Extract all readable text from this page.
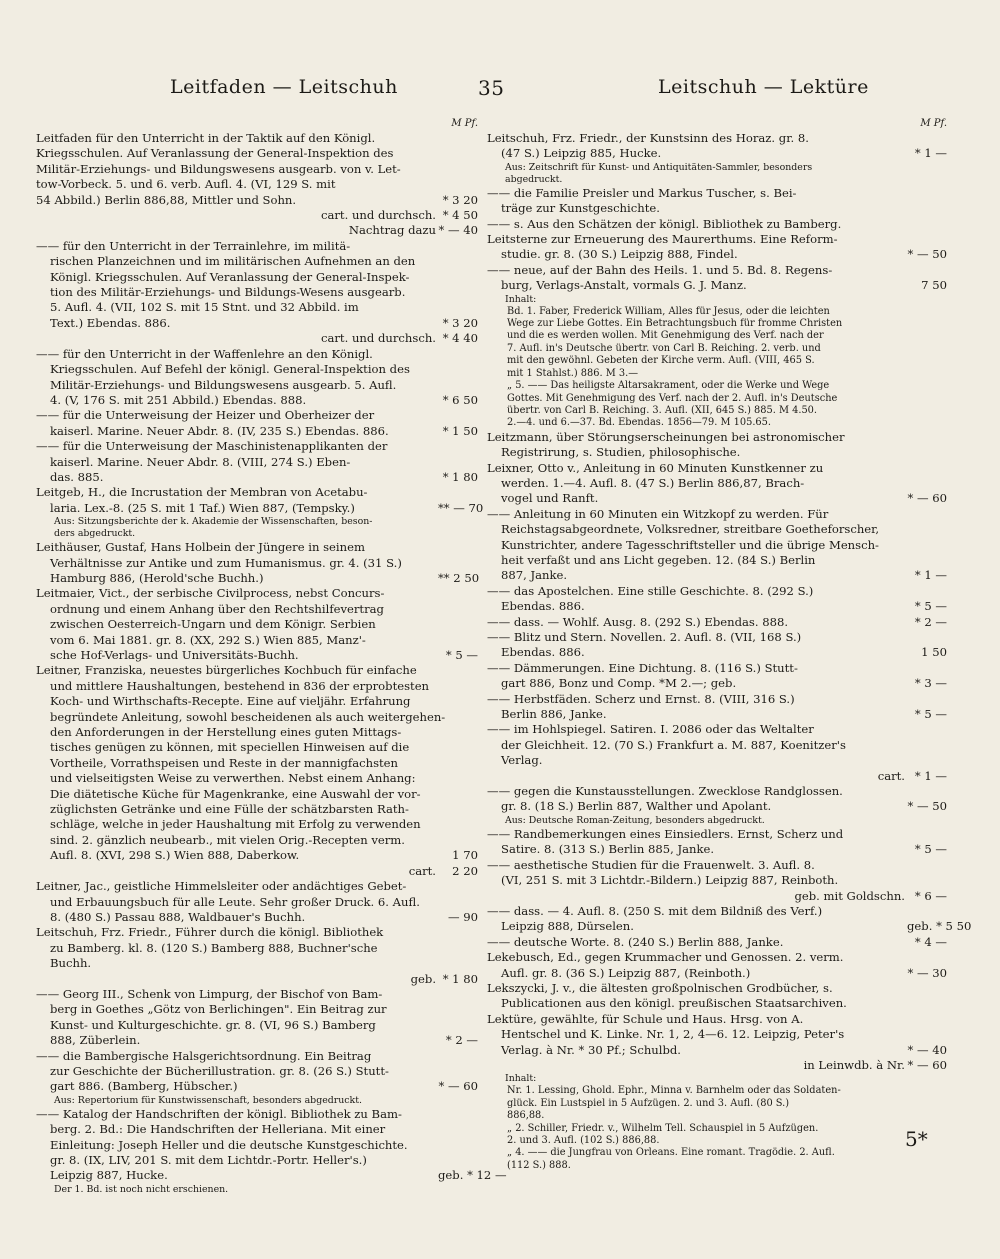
Leitfaden — Leitschuh	35	Leitschuh — Lektüre
M Pf.
Leitfaden für den Unterricht in der Taktik auf den Königl.
Kriegsschulen. Auf Veranlassung der General-Inspektion des
Militär-Erziehungs- und Bildungswesens ausgearb. von v. Let-
tow-Vorbeck. 5. und 6. verb. Aufl. 4. (VI, 129 S. mit
54 Abbild.) Berlin 886,88, Mittler und Sohn.	* 3 20
cart. und durchsch. * 4 50
Nachtrag dazu * — 40
—— für den Unterricht in der Terrainlehre, im militä-
rischen Planzeichnen und im militärischen Aufnehmen an den
Königl. Kriegsschulen. Auf Veranlassung der General-Inspek-
tion des Militär-Erziehungs- und Bildungs-Wesens ausgearb.
5. Aufl. 4. (VII, 102 S. mit 15 Stnt. und 32 Abbild. im
Text.) Ebendas. 886.	* 3 20
cart. und durchsch. * 4 40
—— für den Unterricht in der Waffenlehre an den Königl.
Kriegsschulen. Auf Befehl der königl. General-Inspektion des
Militär-Erziehungs- und Bildungswesens ausgearb. 5. Aufl.
4. (V, 176 S. mit 251 Abbild.) Ebendas. 888.	* 6 50
—— für die Unterweisung der Heizer und Oberheizer der
kaiserl. Marine. Neuer Abdr. 8. (IV, 235 S.) Ebendas. 886.	* 1 50
—— für die Unterweisung der Maschinistenapplikanten der
kaiserl. Marine. Neuer Abdr. 8. (VIII, 274 S.) Eben-
das. 885.	* 1 80
Leitgeb, H., die Incrustation der Membran von Acetabu-
laria. Lex.-8. (25 S. mit 1 Taf.) Wien 887, (Tempsky.)	** — 70
Aus: Sitzungsberichte der k. Akademie der Wissenschaften, beson-
ders abgedruckt.
Leithäuser, Gustaf, Hans Holbein der Jüngere in seinem
Verhältnisse zur Antike und zum Humanismus. gr. 4. (31 S.)
Hamburg 886, (Herold'sche Buchh.)	** 2 50
Leitmaier, Vict., der serbische Civilprocess, nebst Concurs-
ordnung und einem Anhang über den Rechtshilfevertrag
zwischen Oesterreich-Ungarn und dem Königr. Serbien
vom 6. Mai 1881. gr. 8. (XX, 292 S.) Wien 885, Manz'-
sche Hof-Verlags- und Universitäts-Buchh.	* 5 —
Leitner, Franziska, neuestes bürgerliches Kochbuch für einfache
und mittlere Haushaltungen, bestehend in 836 der erprobtesten
Koch- und Wirthschafts-Recepte. Eine auf vieljähr. Erfahrung
begründete Anleitung, sowohl bescheidenen als auch weitergehen-
den Anforderungen in der Herstellung eines guten Mittags-
tisches genügen zu können, mit speciellen Hinweisen auf die
Vortheile, Vorrathspeisen und Reste in der mannigfachsten
und vielseitigsten Weise zu verwerthen. Nebst einem Anhang:
Die diätetische Küche für Magenkranke, eine Auswahl der vor-
züglichsten Getränke und eine Fülle der schätzbarsten Rath-
schläge, welche in jeder Haushaltung mit Erfolg zu verwenden
sind. 2. gänzlich neubearb., mit vielen Orig.-Recepten verm.
Aufl. 8. (XVI, 298 S.) Wien 888, Daberkow.	1 70
cart.	2 20
Leitner, Jac., geistliche Himmelsleiter oder andächtiges Gebet-
und Erbauungsbuch für alle Leute. Sehr großer Druck. 6. Aufl.
8. (480 S.) Passau 888, Waldbauer's Buchh.	— 90
Leitschuh, Frz. Friedr., Führer durch die königl. Bibliothek
zu Bamberg. kl. 8. (120 S.) Bamberg 888, Buchner'sche
Buchh.
geb. * 1 80
—— Georg III., Schenk von Limpurg, der Bischof von Bam-
berg in Goethes „Götz von Berlichingen". Ein Beitrag zur
Kunst- und Kulturgeschichte. gr. 8. (VI, 96 S.) Bamberg
888, Züberlein.	* 2 —
—— die Bambergische Halsgerichtsordnung. Ein Beitrag
zur Geschichte der Bücherillustration. gr. 8. (26 S.) Stutt-
gart 886. (Bamberg, Hübscher.)	* — 60
Aus: Repertorium für Kunstwissenschaft, besonders abgedruckt.
—— Katalog der Handschriften der königl. Bibliothek zu Bam-
berg. 2. Bd.: Die Handschriften der Helleriana. Mit einer
Einleitung: Joseph Heller und die deutsche Kunstgeschichte.
gr. 8. (IX, LIV, 201 S. mit dem Lichtdr.-Portr. Heller's.)
Leipzig 887, Hucke.	geb. * 12 —
Der 1. Bd. ist noch nicht erschienen.
M Pf.
Leitschuh, Frz. Friedr., der Kunstsinn des Horaz. gr. 8.
(47 S.) Leipzig 885, Hucke.	* 1 —
Aus: Zeitschrift für Kunst- und Antiquitäten-Sammler, besonders
abgedruckt.
—— die Familie Preisler und Markus Tuscher, s. Bei-
träge zur Kunstgeschichte.
—— s. Aus den Schätzen der königl. Bibliothek zu Bamberg.
Leitsterne zur Erneuerung des Maurerthums. Eine Reform-
studie. gr. 8. (30 S.) Leipzig 888, Findel.	* — 50
—— neue, auf der Bahn des Heils. 1. und 5. Bd. 8. Regens-
burg, Verlags-Anstalt, vormals G. J. Manz.	7 50
Inhalt:
Bd. 1. Faber, Frederick William, Alles für Jesus, oder die leichten
Wege zur Liebe Gottes. Ein Betrachtungsbuch für fromme Christen
und die es werden wollen. Mit Genehmigung des Verf. nach der
7. Aufl. in's Deutsche übertr. von Carl B. Reiching. 2. verb. und
mit den gewöhnl. Gebeten der Kirche verm. Aufl. (VIII, 465 S.
mit 1 Stahlst.) 886. M 3.—
„ 5. —— Das heiligste Altarsakrament, oder die Werke und Wege
Gottes. Mit Genehmigung des Verf. nach der 2. Aufl. in's Deutsche
übertr. von Carl B. Reiching. 3. Aufl. (XII, 645 S.) 885. M 4.50.
2.—4. und 6.—37. Bd. Ebendas. 1856—79. M 105.65.
Leitzmann, über Störungserscheinungen bei astronomischer
Registrirung, s. Studien, philosophische.
Leixner, Otto v., Anleitung in 60 Minuten Kunstkenner zu
werden. 1.—4. Aufl. 8. (47 S.) Berlin 886,87, Brach-
vogel und Ranft.	* — 60
—— Anleitung in 60 Minuten ein Witzkopf zu werden. Für
Reichstagsabgeordnete, Volksredner, streitbare Goetheforscher,
Kunstrichter, andere Tagesschriftsteller und die übrige Mensch-
heit verfaßt und ans Licht gegeben. 12. (84 S.) Berlin
887, Janke.	* 1 —
—— das Apostelchen. Eine stille Geschichte. 8. (292 S.)
Ebendas. 886.	* 5 —
—— dass. — Wohlf. Ausg. 8. (292 S.) Ebendas. 888.	* 2 —
—— Blitz und Stern. Novellen. 2. Aufl. 8. (VII, 168 S.)
Ebendas. 886.	1 50
—— Dämmerungen. Eine Dichtung. 8. (116 S.) Stutt-
gart 886, Bonz und Comp. *M 2.—; geb.	* 3 —
—— Herbstfäden. Scherz und Ernst. 8. (VIII, 316 S.)
Berlin 886, Janke.	* 5 —
—— im Hohlspiegel. Satiren. I. 2086 oder das Weltalter
der Gleichheit. 12. (70 S.) Frankfurt a. M. 887, Koenitzer's
Verlag.
cart. * 1 —
—— gegen die Kunstausstellungen. Zwecklose Randglossen.
gr. 8. (18 S.) Berlin 887, Walther und Apolant.	* — 50
Aus: Deutsche Roman-Zeitung, besonders abgedruckt.
—— Randbemerkungen eines Einsiedlers. Ernst, Scherz und
Satire. 8. (313 S.) Berlin 885, Janke.	* 5 —
—— aesthetische Studien für die Frauenwelt. 3. Aufl. 8.
(VI, 251 S. mit 3 Lichtdr.-Bildern.) Leipzig 887, Reinboth.
geb. mit Goldschn. * 6 —
—— dass. — 4. Aufl. 8. (250 S. mit dem Bildniß des Verf.)
Leipzig 888, Dürselen.	geb. * 5 50
—— deutsche Worte. 8. (240 S.) Berlin 888, Janke.	* 4 —
Lekebusch, Ed., gegen Krummacher und Genossen. 2. verm.
Aufl. gr. 8. (36 S.) Leipzig 887, (Reinboth.)	* — 30
Lekszycki, J. v., die ältesten großpolnischen Grodbücher, s.
Publicationen aus den königl. preußischen Staatsarchiven.
Lektüre, gewählte, für Schule und Haus. Hrsg. von A.
Hentschel und K. Linke. Nr. 1, 2, 4—6. 12. Leipzig, Peter's
Verlag. à Nr. * 30 Pf.; Schulbd.	* — 40
in Leinwdb. à Nr. * — 60
Inhalt:
Nr. 1. Lessing, Ghold. Ephr., Minna v. Barnhelm oder das Soldaten-
glück. Ein Lustspiel in 5 Aufzügen. 2. und 3. Aufl. (80 S.)
886,88.
„ 2. Schiller, Friedr. v., Wilhelm Tell. Schauspiel in 5 Aufzügen.
2. und 3. Aufl. (102 S.) 886,88.
„ 4. —— die Jungfrau von Orleans. Eine romant. Tragödie. 2. Aufl.
(112 S.) 888.
5*
